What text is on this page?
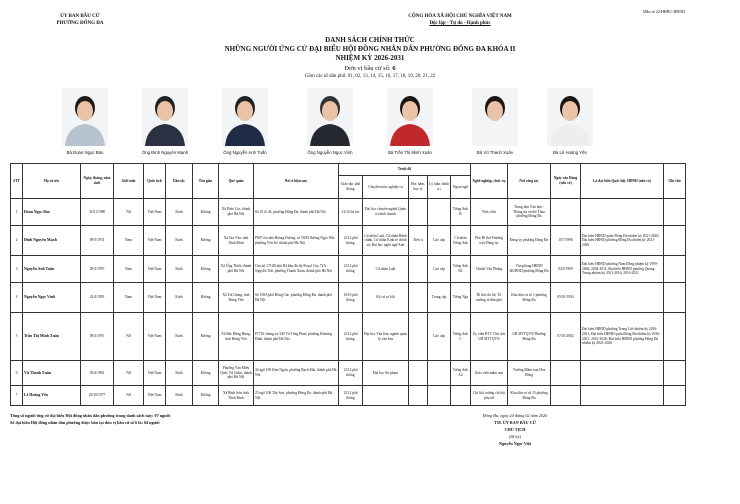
Mẫu số 22/HĐBC-HĐND
ỦY BAN BẦU CỬ
PHƯỜNG ĐỐNG ĐA
CỘNG HÒA XÃ HỘI CHỦ NGHĨA VIỆT NAM
Độc lập - Tự do - Hạnh phúc
DANH SÁCH CHÍNH THỨC
NHỮNG NGƯỜI ỨNG CỬ ĐẠI BIỂU HỘI ĐỒNG NHÂN DÂN PHƯỜNG ĐỐNG ĐA KHÓA II
NHIỆM KỲ 2026-2031
Đơn vị bầu cử số: 6
Gồm các tổ dân phố: 01, 02, 13, 14, 15, 16, 17, 18, 19, 20, 21, 22
Bà Đoàn Ngọc Bảo	Ông Đinh Nguyên Mạnh	Ông Nguyễn Anh Tuấn	Ông Nguyễn Ngọc Vinh	Bà Trần Thị Minh Xuân	Bà Vũ Thanh Xuân	Bà Lê Hoàng Yến
STT	Họ và tên	Ngày, tháng, năm sinh	Giới tính	Quốc tịch	Dân tộc	Tôn giáo	Quê quán	Nơi ở hiện nay	Trình độ					Nghề nghiệp, chức vụ	Nơi công tác	Ngày vào Đảng (nếu có)	Là đại biểu Quốc hội, HĐND (nếu có)	Ghi chú
									Giáo dục phổ thông	Chuyên môn, nghiệp vụ	Học hàm, học vị	Lý luận chính trị	Ngoại ngữ					
1	Đoàn Ngọc Bảo	31/01/1980	Nữ	Việt Nam	Kinh	Không	Xã Phúc Lộc, thành phố Hà Nội	Số 25 tổ 44, phường Đống Đa, thành phố Hà Nội	12/12 bổ túc	Đại học chuyên ngành Quản trị kinh doanh			Tiếng Anh B	Viên chức	Trung tâm Văn hóa - Thông tin và thể Thao phường Đống Đa			
2	Đinh Nguyên Mạnh	09/5/1974	Nam	Việt Nam	Kinh	Không	Xã Gia Vân, tỉnh Ninh Bình	P907 tòa nhà Hoàng Dương, số 50/83 đường Ngọc Hồi, phường Yên Sở, thành phố Hà Nội	12/12 phổ thông	Cử nhân Luật, Cử nhân Hành chính, Cử nhân Kinh tế chính trị, Đại học ngôn ngữ Anh	Tiến sĩ	Cao cấp	Cử nhân Tiếng Anh	Phó Bí thư Thường trực Đảng ủy	Đảng ủy phường Đống Đa	10/7/1996	Đại biểu HĐND quận Đống Đa nhiệm kỳ 2021-2026; Đại biểu HĐND phường Đống Đa nhiệm kỳ 2021-2026	
3	Nguyễn Anh Tuấn	29/4/1970	Nam	Việt Nam	Kinh	Không	Xã Ứng Thiên, thành phố Hà Nội	Căn hộ 1712B nhà R4 khu đô thị Royal City 72A Nguyễn Trãi, phường Thanh Xuân, thành phố Hà Nội	12/12 phổ thông	Cử nhân Luật		Cao cấp	Tiếng Anh B2	Chánh Văn Phòng	Văn phòng HĐND &UBND phường Đống Đa	04/5/1999	Đại biểu HĐND phường Nam Đồng nhiệm kỳ 1999-2004; 2004-2011; Đại biểu HĐND phường Quang Trung nhiệm kỳ 2011-2016; 2016-2021	
4	Nguyễn Ngọc Vinh	22/4/1959	Nam	Việt Nam	Kinh	Không	Xã Trà Giang, tỉnh Hưng Yên	Số 158A phố Đông Các, phường Đống Đa, thành phố Hà Nội	10/10 phổ thông	Kỹ sư cơ khí		Trung cấp	Tiếng Nga	Bí thư chi bộ, Tổ trưởng tổ dân phố	Khu dân cư số 1 phường Đống Đa	05/01/1994		
5	Trần Thị Minh Xuân	09/3/1976	Nữ	Việt Nam	Kinh	Không	Xã Bắc Đông Hưng, tỉnh Hưng Yên	P1716 chung cư 349 Vũ Tông Phan, phường Khương Đình, thành phố Hà Nội	12/12 phổ thông	Đại học Văn hóa, ngành quản lý văn hóa		Cao cấp	Tiếng Anh C	Ủy viên BTV Chủ tịch UB MTTQVN	UB MTTQVN Phường Đống Đa	07/01/2002	Đại biểu HĐND phường Trung Liệt nhiệm kỳ 2016-2021; Đại biểu HĐND quận Đống Đa nhiệm kỳ 2016-2021; 2021-2026; Đại biểu HĐND phường Đống Đa nhiệm kỳ 2021-2026	
6	Vũ Thanh Xuân	03/4/1992	Nữ	Việt Nam	Kinh	Không	Phường Văn Miếu Quốc Tử Giám, thành phố Hà Nội	32 ngõ 100 Kim Ngưu, phường Bạch Mai, thành phố Hà Nội	12/12 phổ thông	Đại học Sư phạm			Tiếng Anh A2	Giáo viên mầm non	Trường Mầm non Hoa Hồng			
7	Lê Hoàng Yến	25/10/1977	Nữ	Việt Nam	Kinh	Không	Xã Bình Sơn, tỉnh Ninh Bình	25 ngõ 100 Tây Sơn, phường Đống Đa, thành phố Hà Nội	12/12 phổ thông					Chi hội trưởng chi hội phụ nữ	Khu dân cư số 15 phường Đống Đa			
Tổng số người ứng cử đại biểu Hội đồng nhân dân phường trong danh sách này: 07 người
Số đại biểu Hội đồng nhân dân phường được bầu tại đơn vị bầu cử số 6 là: 04 người
Đống Đa, ngày 24 tháng 02 năm 2026
TM. ỦY BAN BẦU CỬ
CHỦ TỊCH
(đã ký)
Nguyễn Ngọc Việt
